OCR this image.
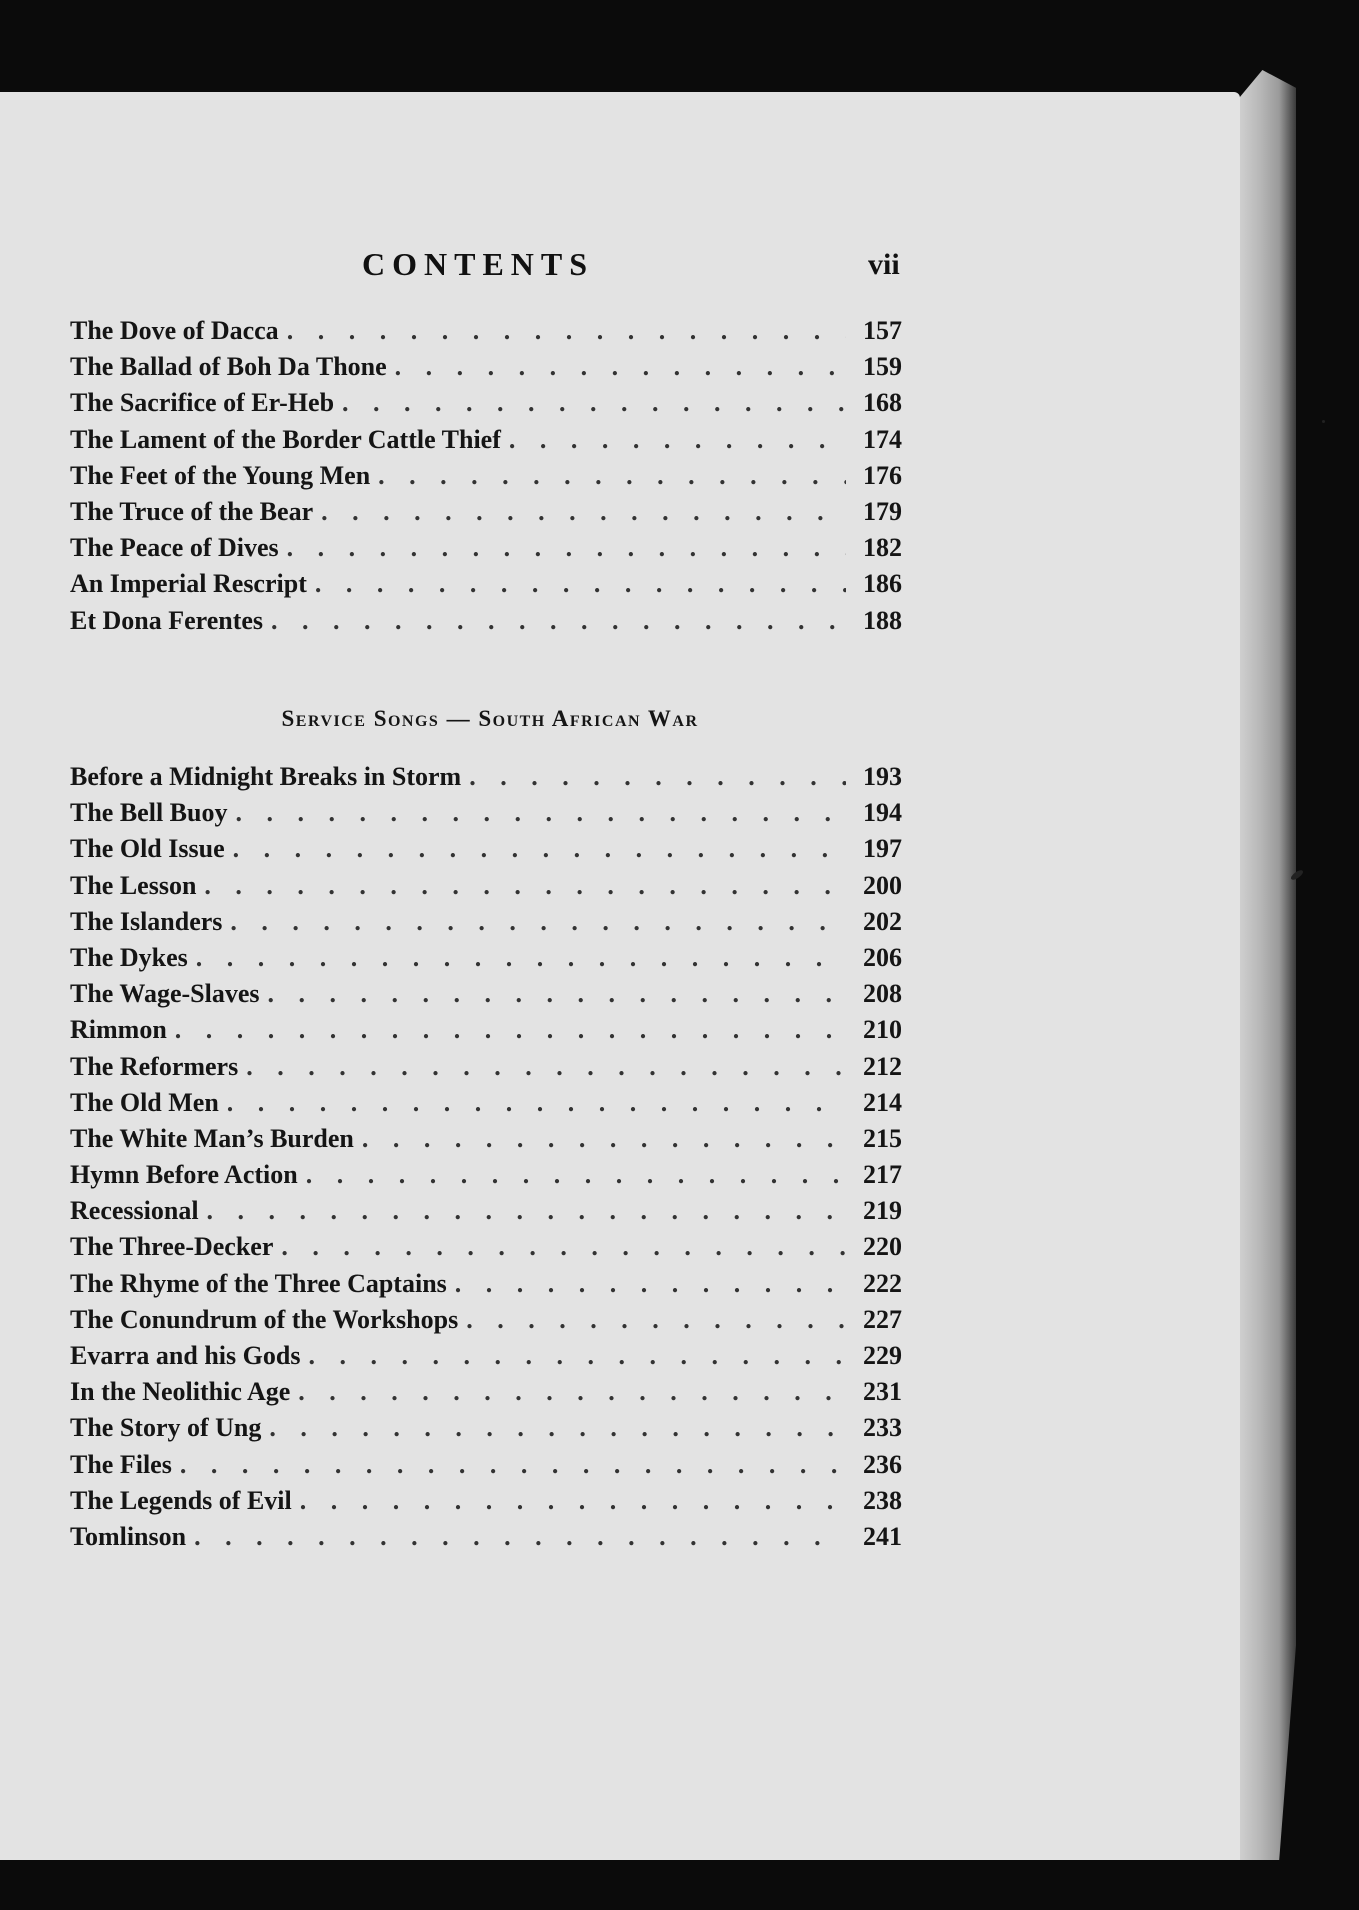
CONTENTS	vii
The Dove of Dacca . . .	157
The Ballad of Boh Da Thone . . .	159
The Sacrifice of Er-Heb . . .	168
The Lament of the Border Cattle Thief . . .	174
The Feet of the Young Men . . .	176
The Truce of the Bear . . .	179
The Peace of Dives . . .	182
An Imperial Rescript . . .	186
Et Dona Ferentes . . .	188
Service Songs — South African War
Before a Midnight Breaks in Storm . . .	193
The Bell Buoy . . .	194
The Old Issue . . .	197
The Lesson . . .	200
The Islanders . . .	202
The Dykes . . .	206
The Wage-Slaves . . .	208
Rimmon . . .	210
The Reformers . . .	212
The Old Men . . .	214
The White Man’s Burden . . .	215
Hymn Before Action . . .	217
Recessional . . .	219
The Three-Decker . . .	220
The Rhyme of the Three Captains . . .	222
The Conundrum of the Workshops . . .	227
Evarra and his Gods . . .	229
In the Neolithic Age . . .	231
The Story of Ung . . .	233
The Files . . .	236
The Legends of Evil . . .	238
Tomlinson . . .	241
